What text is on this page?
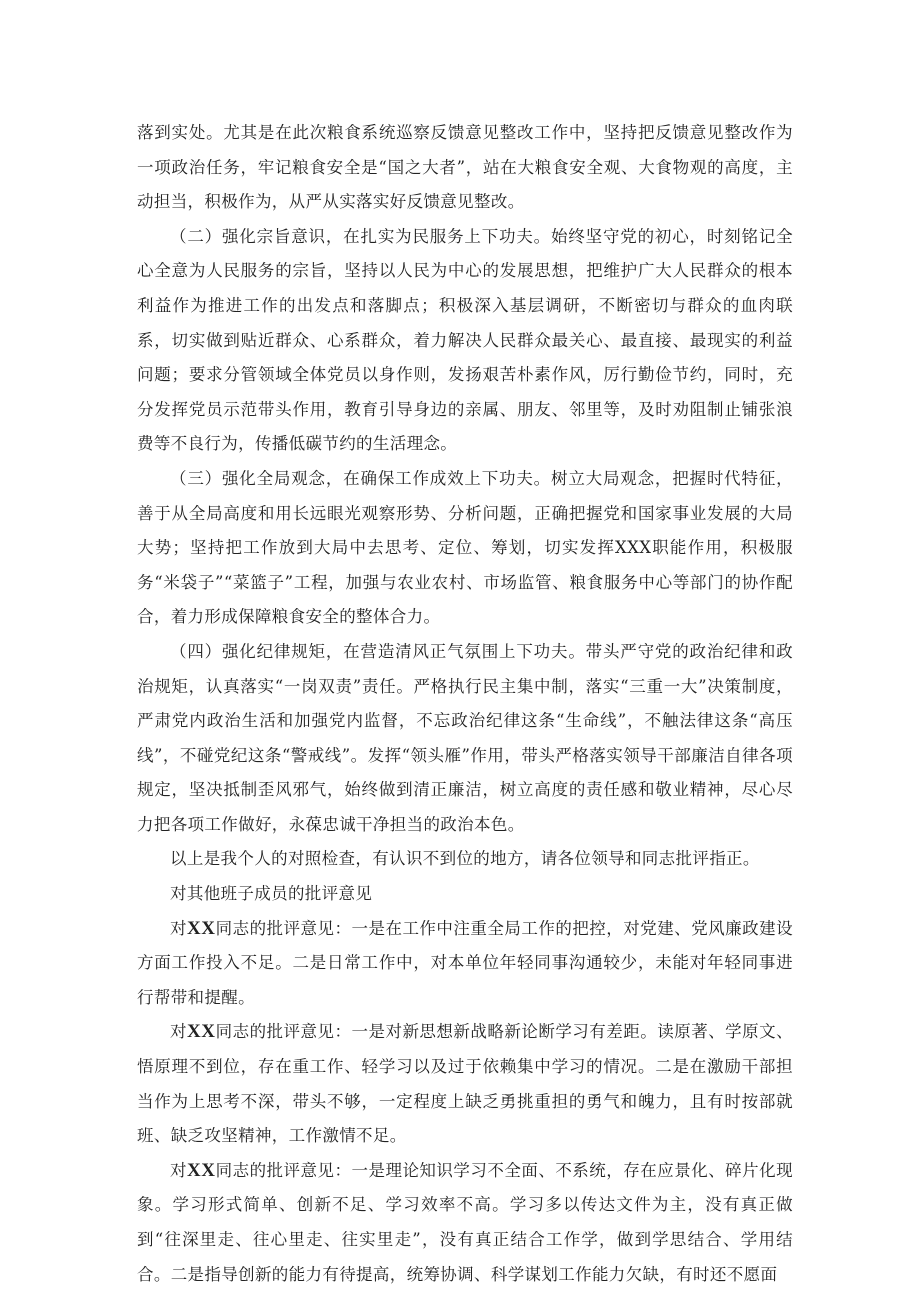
落到实处。尤其是在此次粮食系统巡察反馈意见整改工作中，坚持把反馈意见整改作为一项政治任务，牢记粮食安全是“国之大者”，站在大粮食安全观、大食物观的高度，主动担当，积极作为，从严从实落实好反馈意见整改。

（二）强化宗旨意识，在扎实为民服务上下功夫。始终坚守党的初心，时刻铭记全心全意为人民服务的宗旨，坚持以人民为中心的发展思想，把维护广大人民群众的根本利益作为推进工作的出发点和落脚点；积极深入基层调研，不断密切与群众的血肉联系，切实做到贴近群众、心系群众，着力解决人民群众最关心、最直接、最现实的利益问题；要求分管领域全体党员以身作则，发扬艰苦朴素作风，厉行勤俭节约，同时，充分发挥党员示范带头作用，教育引导身边的亲属、朋友、邻里等，及时劝阻制止铺张浪费等不良行为，传播低碳节约的生活理念。

（三）强化全局观念，在确保工作成效上下功夫。树立大局观念，把握时代特征，善于从全局高度和用长远眼光观察形势、分析问题，正确把握党和国家事业发展的大局大势；坚持把工作放到大局中去思考、定位、筹划，切实发挥XXX职能作用，积极服务“米袋子”“菜篮子”工程，加强与农业农村、市场监管、粮食服务中心等部门的协作配合，着力形成保障粮食安全的整体合力。

（四）强化纪律规矩，在营造清风正气氛围上下功夫。带头严守党的政治纪律和政治规矩，认真落实“一岗双责”责任。严格执行民主集中制，落实“三重一大”决策制度，严肃党内政治生活和加强党内监督，不忘政治纪律这条“生命线”，不触法律这条“高压线”，不碰党纪这条“警戒线”。发挥“领头雁”作用，带头严格落实领导干部廉洁自律各项规定，坚决抵制歪风邪气，始终做到清正廉洁，树立高度的责任感和敬业精神，尽心尽力把各项工作做好，永葆忠诚干净担当的政治本色。

以上是我个人的对照检查，有认识不到位的地方，请各位领导和同志批评指正。

对其他班子成员的批评意见

对XX同志的批评意见：一是在工作中注重全局工作的把控，对党建、党风廉政建设方面工作投入不足。二是日常工作中，对本单位年轻同事沟通较少，未能对年轻同事进行帮带和提醒。

对XX同志的批评意见：一是对新思想新战略新论断学习有差距。读原著、学原文、悟原理不到位，存在重工作、轻学习以及过于依赖集中学习的情况。二是在激励干部担当作为上思考不深，带头不够，一定程度上缺乏勇挑重担的勇气和魄力，且有时按部就班、缺乏攻坚精神，工作激情不足。

对XX同志的批评意见：一是理论知识学习不全面、不系统，存在应景化、碎片化现象。学习形式简单、创新不足、学习效率不高。学习多以传达文件为主，没有真正做到“往深里走、往心里走、往实里走”，没有真正结合工作学，做到学思结合、学用结合。二是指导创新的能力有待提高，统筹协调、科学谋划工作能力欠缺，有时还不愿面
